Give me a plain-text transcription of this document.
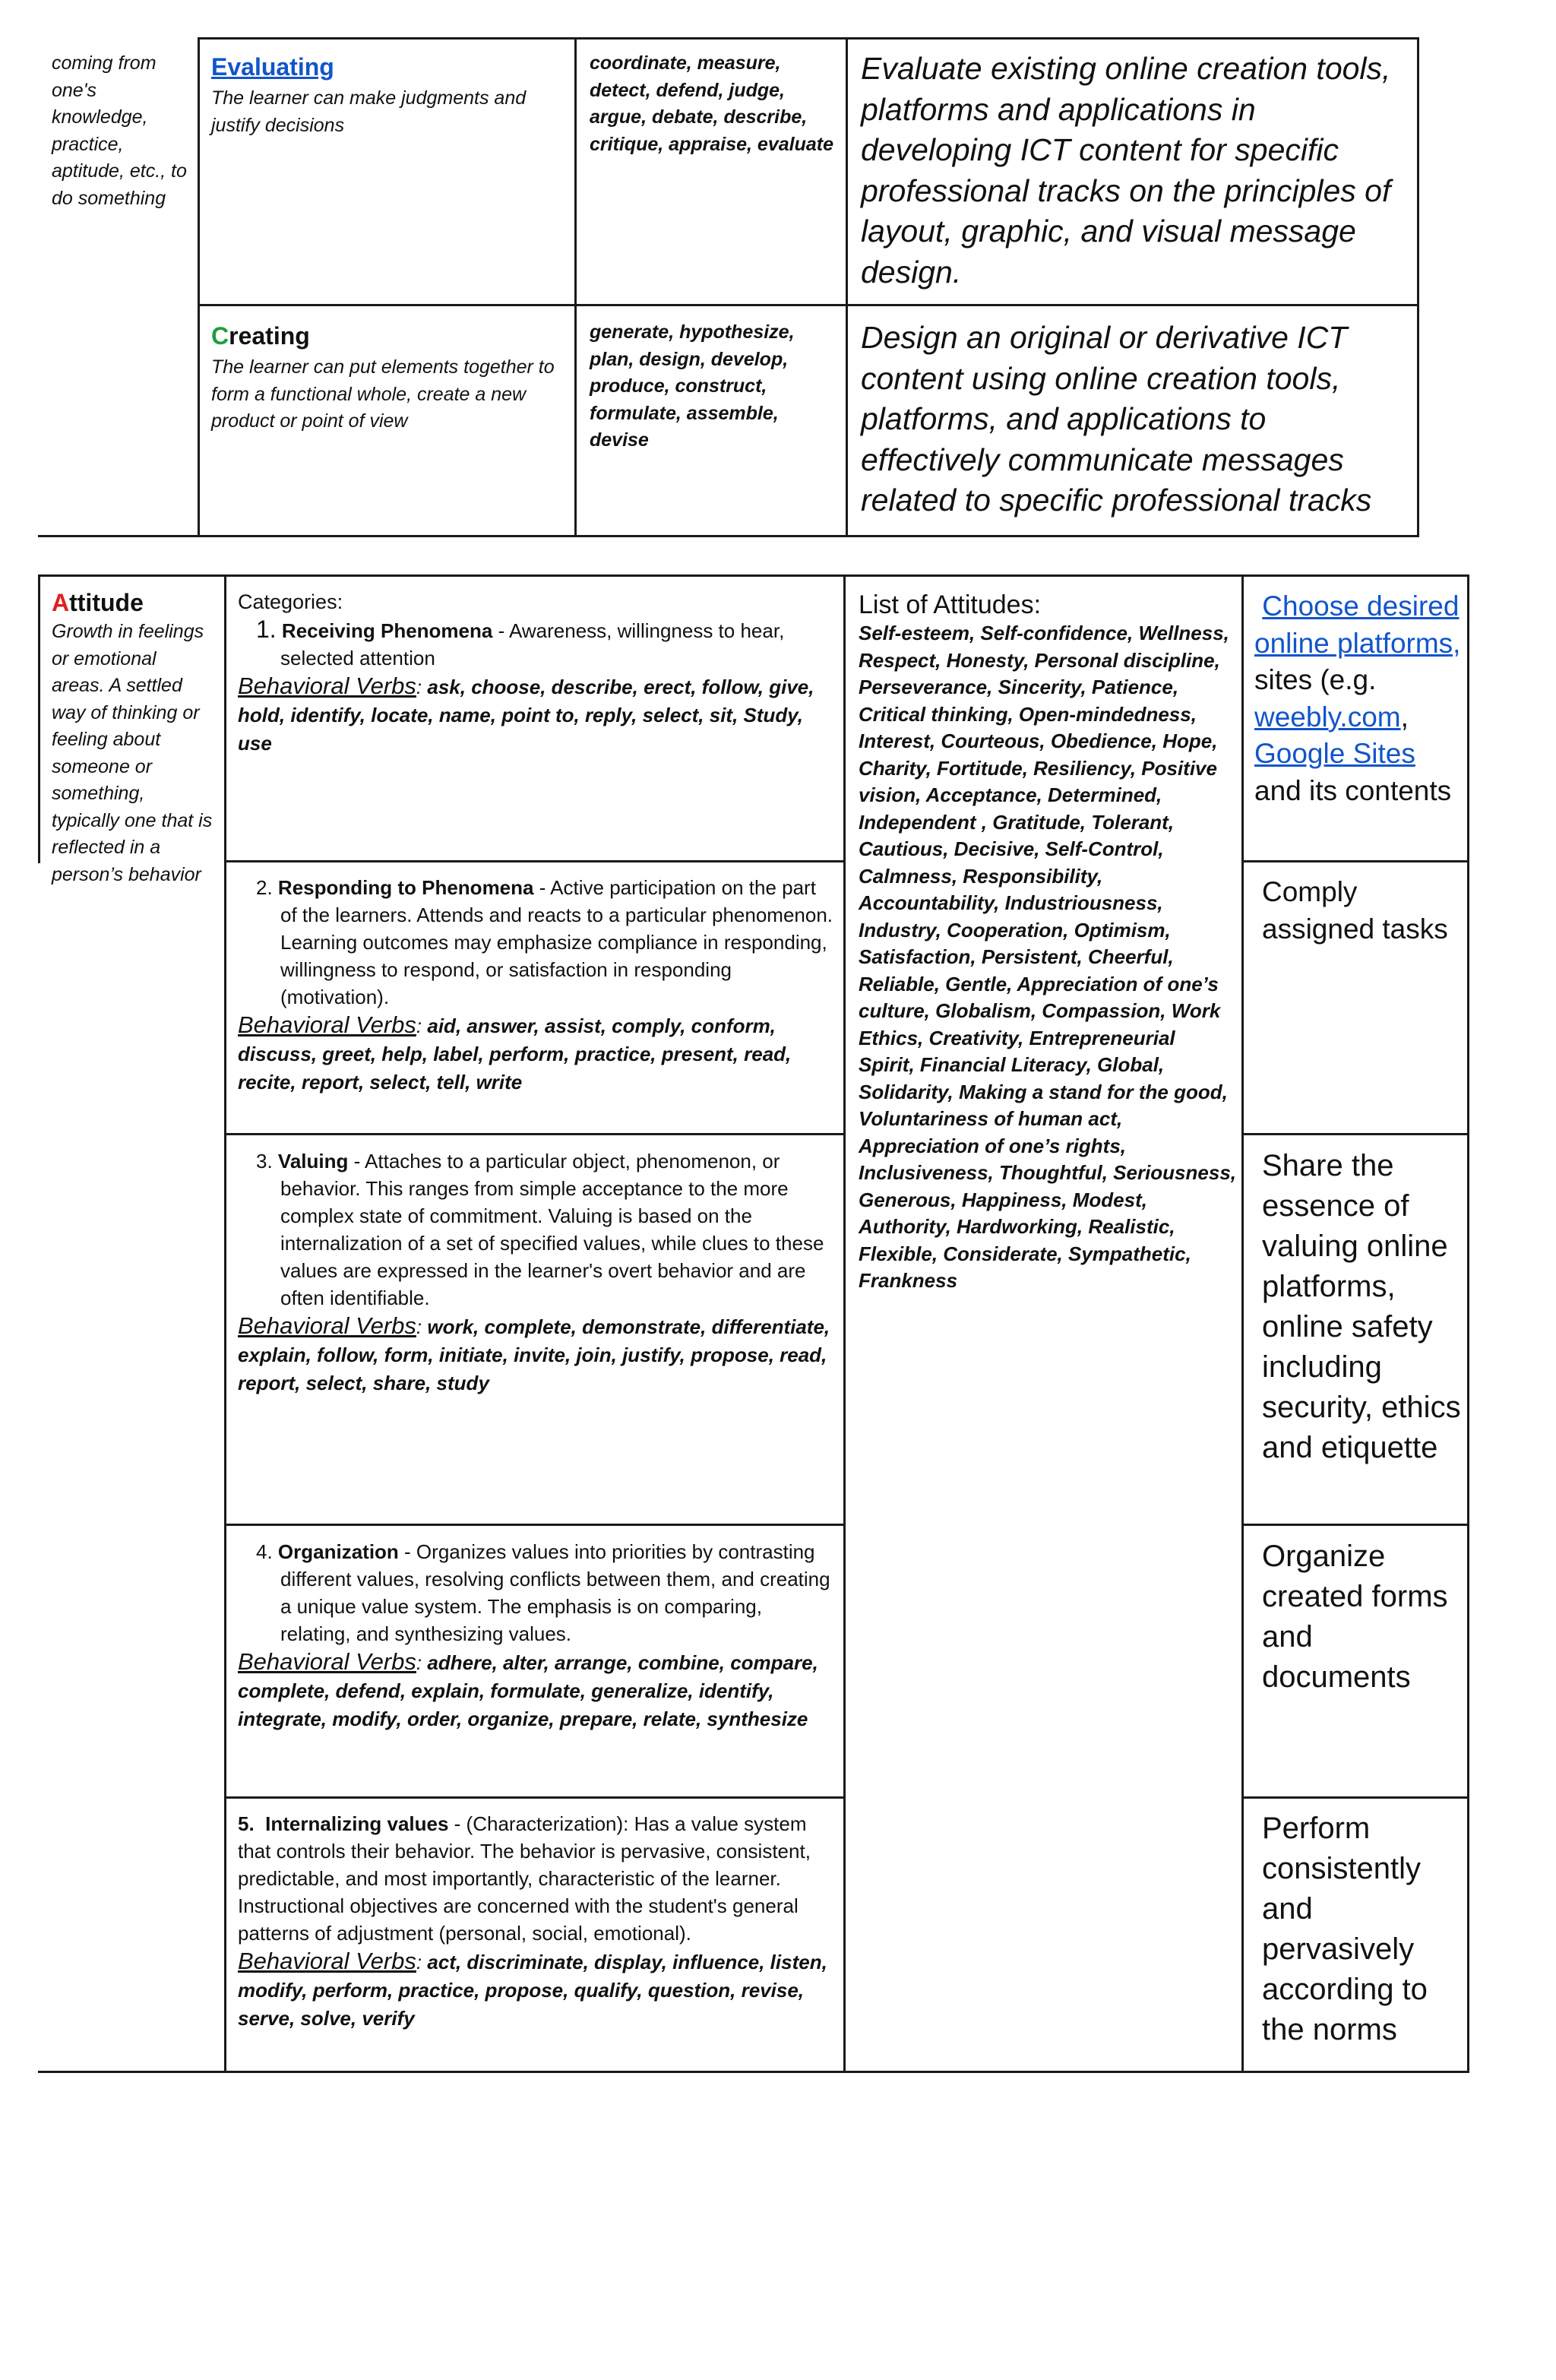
coming from one's knowledge, practice, aptitude, etc., to do something
Evaluating
The learner can make judgments and justify decisions
coordinate, measure, detect, defend, judge, argue, debate, describe, critique, appraise, evaluate
Evaluate existing online creation tools, platforms and applications in developing ICT content for specific professional tracks on the principles of layout, graphic, and visual message design.
Creating
The learner can put elements together to form a functional whole, create a new product or point of view
generate, hypothesize, plan, design, develop, produce, construct, formulate, assemble, devise
Design an original or derivative ICT content using online creation tools, platforms, and applications to effectively communicate messages related to specific professional tracks
Attitude
Growth in feelings or emotional areas. A settled way of thinking or feeling about someone or something, typically one that is reflected in a person’s behavior
Categories:
1. Receiving Phenomena - Awareness, willingness to hear, selected attention
Behavioral Verbs: ask, choose, describe, erect, follow, give, hold, identify, locate, name, point to, reply, select, sit, Study, use
2. Responding to Phenomena - Active participation on the part of the learners. Attends and reacts to a particular phenomenon. Learning outcomes may emphasize compliance in responding, willingness to respond, or satisfaction in responding (motivation).
Behavioral Verbs: aid, answer, assist, comply, conform, discuss, greet, help, label, perform, practice, present, read, recite, report, select, tell, write
3. Valuing - Attaches to a particular object, phenomenon, or behavior. This ranges from simple acceptance to the more complex state of commitment. Valuing is based on the internalization of a set of specified values, while clues to these values are expressed in the learner's overt behavior and are often identifiable.
Behavioral Verbs: work, complete, demonstrate, differentiate, explain, follow, form, initiate, invite, join, justify, propose, read, report, select, share, study
4. Organization - Organizes values into priorities by contrasting different values, resolving conflicts between them, and creating a unique value system. The emphasis is on comparing, relating, and synthesizing values.
Behavioral Verbs: adhere, alter, arrange, combine, compare, complete, defend, explain, formulate, generalize, identify, integrate, modify, order, organize, prepare, relate, synthesize
5. Internalizing values - (Characterization): Has a value system that controls their behavior. The behavior is pervasive, consistent, predictable, and most importantly, characteristic of the learner. Instructional objectives are concerned with the student's general patterns of adjustment (personal, social, emotional).
Behavioral Verbs: act, discriminate, display, influence, listen, modify, perform, practice, propose, qualify, question, revise, serve, solve, verify
List of Attitudes:
Self-esteem, Self-confidence, Wellness, Respect, Honesty, Personal discipline, Perseverance, Sincerity, Patience, Critical thinking, Open-mindedness, Interest, Courteous, Obedience, Hope, Charity, Fortitude, Resiliency, Positive vision, Acceptance, Determined, Independent , Gratitude, Tolerant, Cautious, Decisive, Self-Control, Calmness, Responsibility, Accountability, Industriousness, Industry, Cooperation, Optimism, Satisfaction, Persistent, Cheerful, Reliable, Gentle, Appreciation of one’s culture, Globalism, Compassion, Work Ethics, Creativity, Entrepreneurial Spirit, Financial Literacy, Global, Solidarity, Making a stand for the good, Voluntariness of human act, Appreciation of one’s rights, Inclusiveness, Thoughtful, Seriousness, Generous, Happiness, Modest, Authority, Hardworking, Realistic, Flexible, Considerate, Sympathetic, Frankness
Choose desired online platforms, sites (e.g. weebly.com, Google Sites and its contents
Comply assigned tasks
Share the essence of valuing online platforms, online safety including security, ethics and etiquette
Organize created forms and documents
Perform consistently and pervasively according to the norms
